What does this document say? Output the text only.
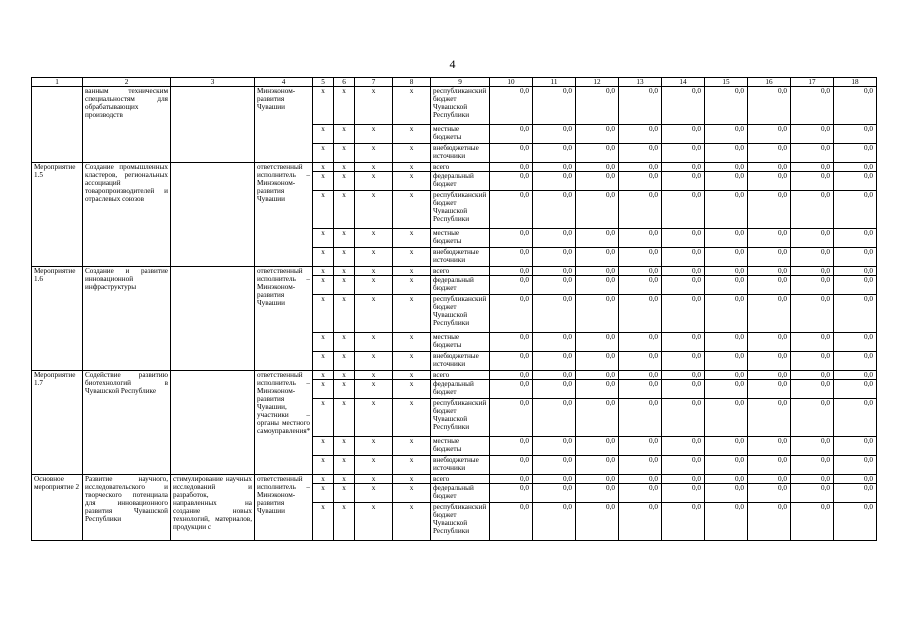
4
1	2	3	4	5	6	7	8	9	10	11	12	13	14	15	16	17	18
	ванным техническим специальностям для обрабатывающих производств		Минэконом-развития Чувашии	x	x	x	x	республиканский бюджет Чувашской Республики	0,0	0,0	0,0	0,0	0,0	0,0	0,0	0,0	0,0
				x	x	x	x	местные бюджеты	0,0	0,0	0,0	0,0	0,0	0,0	0,0	0,0	0,0
				x	x	x	x	внебюджетные источники	0,0	0,0	0,0	0,0	0,0	0,0	0,0	0,0	0,0
Мероприятие 1.5	Создание промышленных кластеров, региональных ассоциаций товаропроизводителей и отраслевых союзов		ответственный исполнитель – Минэконом-развития Чувашии	x	x	x	x	всего	0,0	0,0	0,0	0,0	0,0	0,0	0,0	0,0	0,0
				x	x	x	x	федеральный бюджет	0,0	0,0	0,0	0,0	0,0	0,0	0,0	0,0	0,0
				x	x	x	x	республиканский бюджет Чувашской Республики	0,0	0,0	0,0	0,0	0,0	0,0	0,0	0,0	0,0
				x	x	x	x	местные бюджеты	0,0	0,0	0,0	0,0	0,0	0,0	0,0	0,0	0,0
				x	x	x	x	внебюджетные источники	0,0	0,0	0,0	0,0	0,0	0,0	0,0	0,0	0,0
Мероприятие 1.6	Создание и развитие инновационной инфраструктуры		ответственный исполнитель – Минэконом-развития Чувашии	x	x	x	x	всего	0,0	0,0	0,0	0,0	0,0	0,0	0,0	0,0	0,0
				x	x	x	x	федеральный бюджет	0,0	0,0	0,0	0,0	0,0	0,0	0,0	0,0	0,0
				x	x	x	x	республиканский бюджет Чувашской Республики	0,0	0,0	0,0	0,0	0,0	0,0	0,0	0,0	0,0
				x	x	x	x	местные бюджеты	0,0	0,0	0,0	0,0	0,0	0,0	0,0	0,0	0,0
				x	x	x	x	внебюджетные источники	0,0	0,0	0,0	0,0	0,0	0,0	0,0	0,0	0,0
Мероприятие 1.7	Содействие развитию биотехнологий в Чувашской Республике		ответственный исполнитель – Минэконом-развития Чувашии, участники – органы местного самоуправления*	x	x	x	x	всего	0,0	0,0	0,0	0,0	0,0	0,0	0,0	0,0	0,0
				x	x	x	x	федеральный бюджет	0,0	0,0	0,0	0,0	0,0	0,0	0,0	0,0	0,0
				x	x	x	x	республиканский бюджет Чувашской Республики	0,0	0,0	0,0	0,0	0,0	0,0	0,0	0,0	0,0
				x	x	x	x	местные бюджеты	0,0	0,0	0,0	0,0	0,0	0,0	0,0	0,0	0,0
				x	x	x	x	внебюджетные источники	0,0	0,0	0,0	0,0	0,0	0,0	0,0	0,0	0,0
Основное мероприятие 2	Развитие научного, исследовательского и творческого потенциала для инновационного развития Чувашской Республики	стимулирование научных исследований и разработок, направленных на создание новых технологий, материалов, продукции с	ответственный исполнитель – Минэконом-развития Чувашии	x	x	x	x	всего	0,0	0,0	0,0	0,0	0,0	0,0	0,0	0,0	0,0
				x	x	x	x	федеральный бюджет	0,0	0,0	0,0	0,0	0,0	0,0	0,0	0,0	0,0
				x	x	x	x	республиканский бюджет Чувашской Республики	0,0	0,0	0,0	0,0	0,0	0,0	0,0	0,0	0,0
